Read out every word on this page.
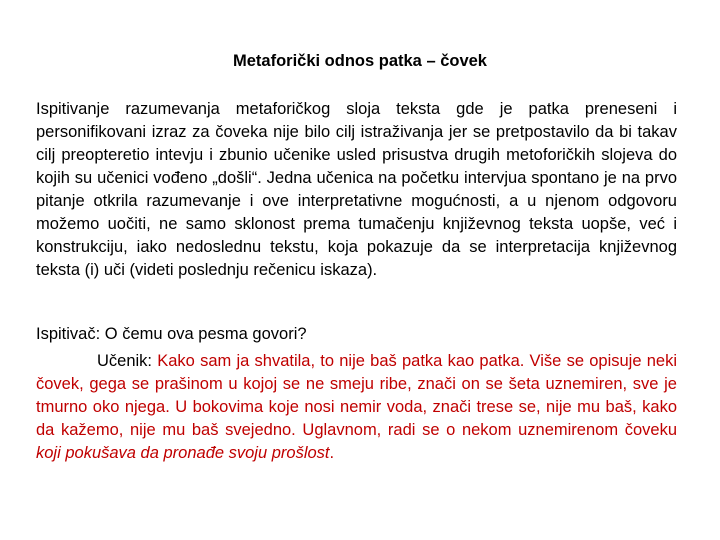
Metaforički odnos patka – čovek

Ispitivanje razumevanja metaforičkog sloja teksta gde je patka preneseni i personifikovani izraz za čoveka nije bilo cilj istraživanja jer se pretpostavilo da bi takav cilj preopteretio intevju i zbunio učenike usled prisustva drugih metoforičkih slojeva do kojih su učenici vođeno „došli“. Jedna učenica na početku intervjua spontano je na prvo pitanje otkrila razumevanje i ove interpretativne mogućnosti, a u njenom odgovoru možemo uočiti, ne samo sklonost prema tumačenju književnog teksta uopše, već i konstrukciju, iako nedoslednu tekstu, koja pokazuje da se interpretacija književnog teksta (i) uči (videti poslednju rečenicu iskaza).

Ispitivač: O čemu ova pesma govori?

Učenik: Kako sam ja shvatila, to nije baš patka kao patka. Više se opisuje neki čovek, gega se prašinom u kojoj se ne smeju ribe, znači on se šeta uznemiren, sve je tmurno oko njega. U bokovima koje nosi nemir voda, znači trese se, nije mu baš, kako da kažemo, nije mu baš svejedno. Uglavnom, radi se o nekom uznemirenom čoveku koji pokušava da pronađe svoju prošlost.
